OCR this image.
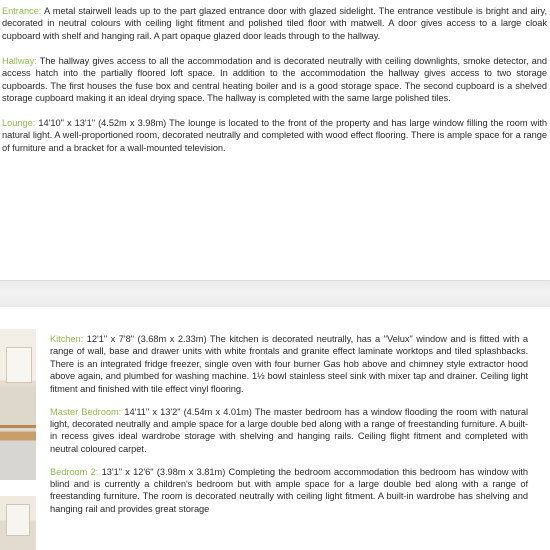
Entrance: A metal stairwell leads up to the part glazed entrance door with glazed sidelight. The entrance vestibule is bright and airy, decorated in neutral colours with ceiling light fitment and polished tiled floor with matwell. A door gives access to a large cloak cupboard with shelf and hanging rail. A part opaque glazed door leads through to the hallway.

Hallway: The hallway gives access to all the accommodation and is decorated neutrally with ceiling downlights, smoke detector, and access hatch into the partially floored loft space. In addition to the accommodation the hallway gives access to two storage cupboards. The first houses the fuse box and central heating boiler and is a good storage space. The second cupboard is a shelved storage cupboard making it an ideal drying space. The hallway is completed with the same large polished tiles.

Lounge: 14'10" x 13'1" (4.52m x 3.98m) The lounge is located to the front of the property and has large window filling the room with natural light. A well-proportioned room, decorated neutrally and completed with wood effect flooring. There is ample space for a range of furniture and a bracket for a wall-mounted television.

Kitchen: 12'1" x 7'8" (3.68m x 2.33m) The kitchen is decorated neutrally, has a "Velux" window and is fitted with a range of wall, base and drawer units with white frontals and granite effect laminate worktops and tiled splashbacks. There is an integrated fridge freezer, single oven with four burner Gas hob above and chimney style extractor hood above again, and plumbed for washing machine. 1½ bowl stainless steel sink with mixer tap and drainer. Ceiling light fitment and finished with tile effect vinyl flooring.

Master Bedroom: 14'11" x 13'2" (4.54m x 4.01m) The master bedroom has a window flooding the room with natural light, decorated neutrally and ample space for a large double bed along with a range of freestanding furniture. A built-in recess gives ideal wardrobe storage with shelving and hanging rails. Ceiling flight fitment and completed with neutral coloured carpet.

Bedroom 2: 13'1" x 12'6" (3.98m x 3.81m) Completing the bedroom accommodation this bedroom has window with blind and is currently a children's bedroom but with ample space for a large double bed along with a range of freestanding furniture. The room is decorated neutrally with ceiling light fitment. A built-in wardrobe has shelving and hanging rail and provides great storage
